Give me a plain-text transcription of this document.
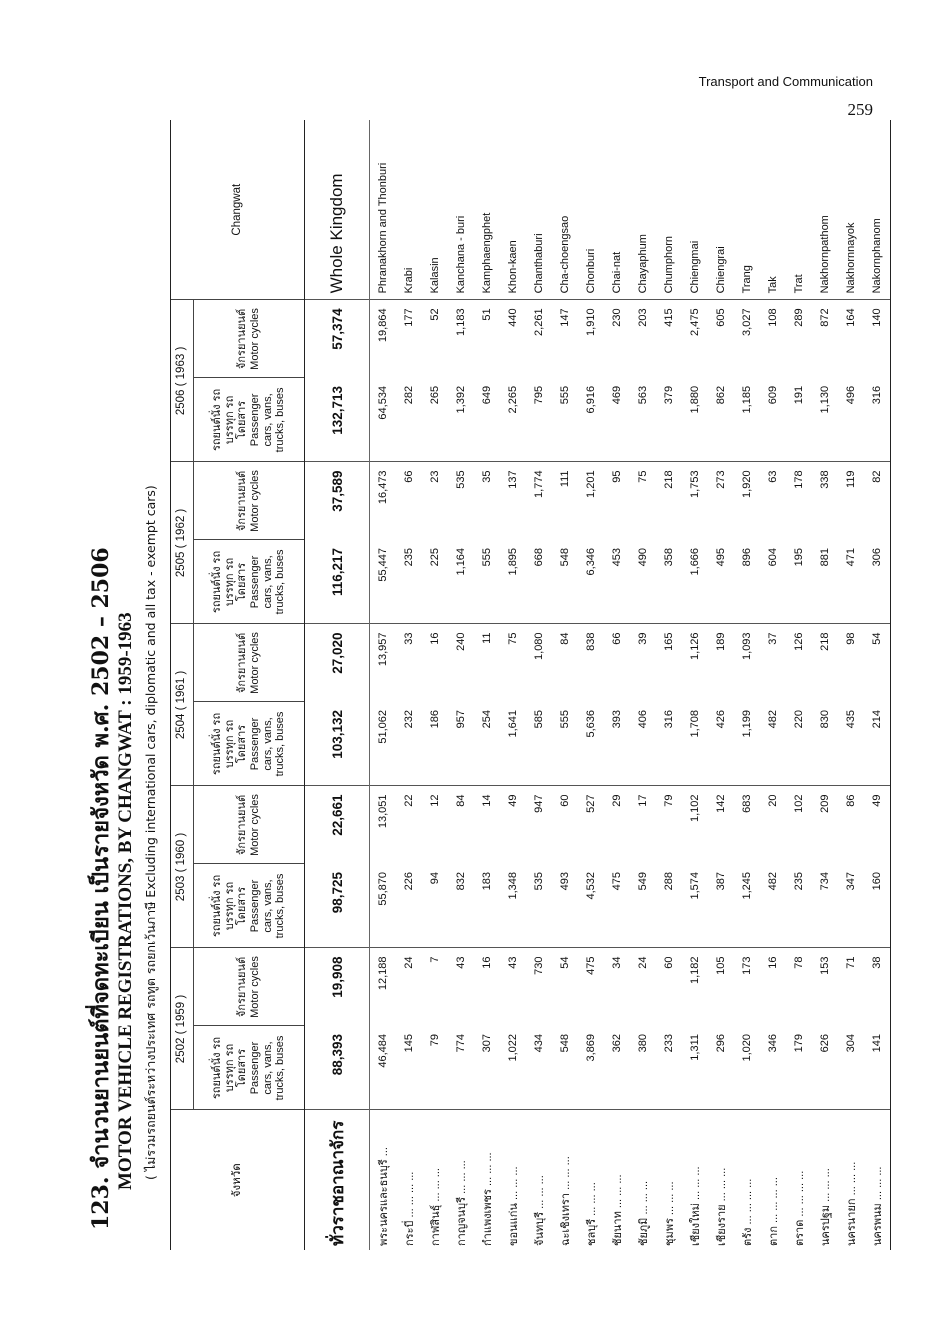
Transport and Communication
259
123. จำนวนยานยนต์ที่จดทะเบียน เป็นรายจังหวัด พ.ศ. 2502 – 2506 MOTOR VEHICLE REGISTRATIONS, BY CHANGWAT : 1959-1963 ( ไม่รวมรถยนต์ระหว่างประเทศ รถทูต รถยกเว้นภาษี Excluding international cars, diplomatic and all tax - exempt cars)
จังหวัด	2502 ( 1959 )		2503 ( 1960 )		2504 ( 1961 )		2505 ( 1962 )		2506 ( 1963 )		Changwat
	รถยนต์นั่ง รถบรรทุก รถโดยสาร Passenger cars, vans, trucks, buses	จักรยานยนต์ Motor cycles	รถยนต์นั่ง รถบรรทุก รถโดยสาร Passenger cars, vans, trucks, buses	จักรยานยนต์ Motor cycles	รถยนต์นั่ง รถบรรทุก รถโดยสาร Passenger cars, vans, trucks, buses	จักรยานยนต์ Motor cycles	รถยนต์นั่ง รถบรรทุก รถโดยสาร Passenger cars, vans, trucks, buses	จักรยานยนต์ Motor cycles	รถยนต์นั่ง รถบรรทุก รถโดยสาร Passenger cars, vans, trucks, buses	จักรยานยนต์ Motor cycles	
ทั่วราชอาณาจักร	88,393	19,908	98,725	22,661	103,132	27,020	116,217	37,589	132,713	57,374	Whole Kingdom
พระนครและธนบุรี ...	46,484	12,188	55,870	13,051	51,062	13,957	55,447	16,473	64,534	19,864	Phranakhorn and Thonburi
กระบี่ ... ... ... ...	145	24	226	22	232	33	235	66	282	177	Krabi
กาฬสินธุ์ ... ... ...	79	7	94	12	186	16	225	23	265	52	Kalasin
กาญจนบุรี ... ... ...	774	43	832	84	957	240	1,164	535	1,392	1,183	Kanchana - buri
กำแพงเพชร ... ... ...	307	16	183	14	254	11	555	35	649	51	Kamphaengphet
ขอนแก่น ... ... ...	1,022	43	1,348	49	1,641	75	1,895	137	2,265	440	Khon-kaen
จันทบุรี ... ... ...	434	730	535	947	585	1,080	668	1,774	795	2,261	Chanthaburi
ฉะเชิงเทรา ... ... ...	548	54	493	60	555	84	548	111	555	147	Cha-choengsao
ชลบุรี ... ... ...	3,869	475	4,532	527	5,636	838	6,346	1,201	6,916	1,910	Chonburi
ชัยนาท ... ... ...	362	34	475	29	393	66	453	95	469	230	Chai-nat
ชัยภูมิ ... ... ...	380	24	549	17	406	39	490	75	563	203	Chayaphum
ชุมพร ... ... ...	233	60	288	79	316	165	358	218	379	415	Chumphorn
เชียงใหม่ ... ... ...	1,311	1,182	1,574	1,102	1,708	1,126	1,666	1,753	1,880	2,475	Chiengmai
เชียงราย ... ... ...	296	105	387	142	426	189	495	273	862	605	Chiengrai
ตรัง ... ... ... ...	1,020	173	1,245	683	1,199	1,093	896	1,920	1,185	3,027	Trang
ตาก ... ... ... ...	346	16	482	20	482	37	604	63	609	108	Tak
ตราด ... ... ... ...	179	78	235	102	220	126	195	178	191	289	Trat
นครปฐม ... ... ...	626	153	734	209	830	218	881	338	1,130	872	Nakhornpathom
นครนายก ... ... ...	304	71	347	86	435	98	471	119	496	164	Nakhornnayok
นครพนม ... ... ...	141	38	160	49	214	54	306	82	316	140	Nakornphanom
